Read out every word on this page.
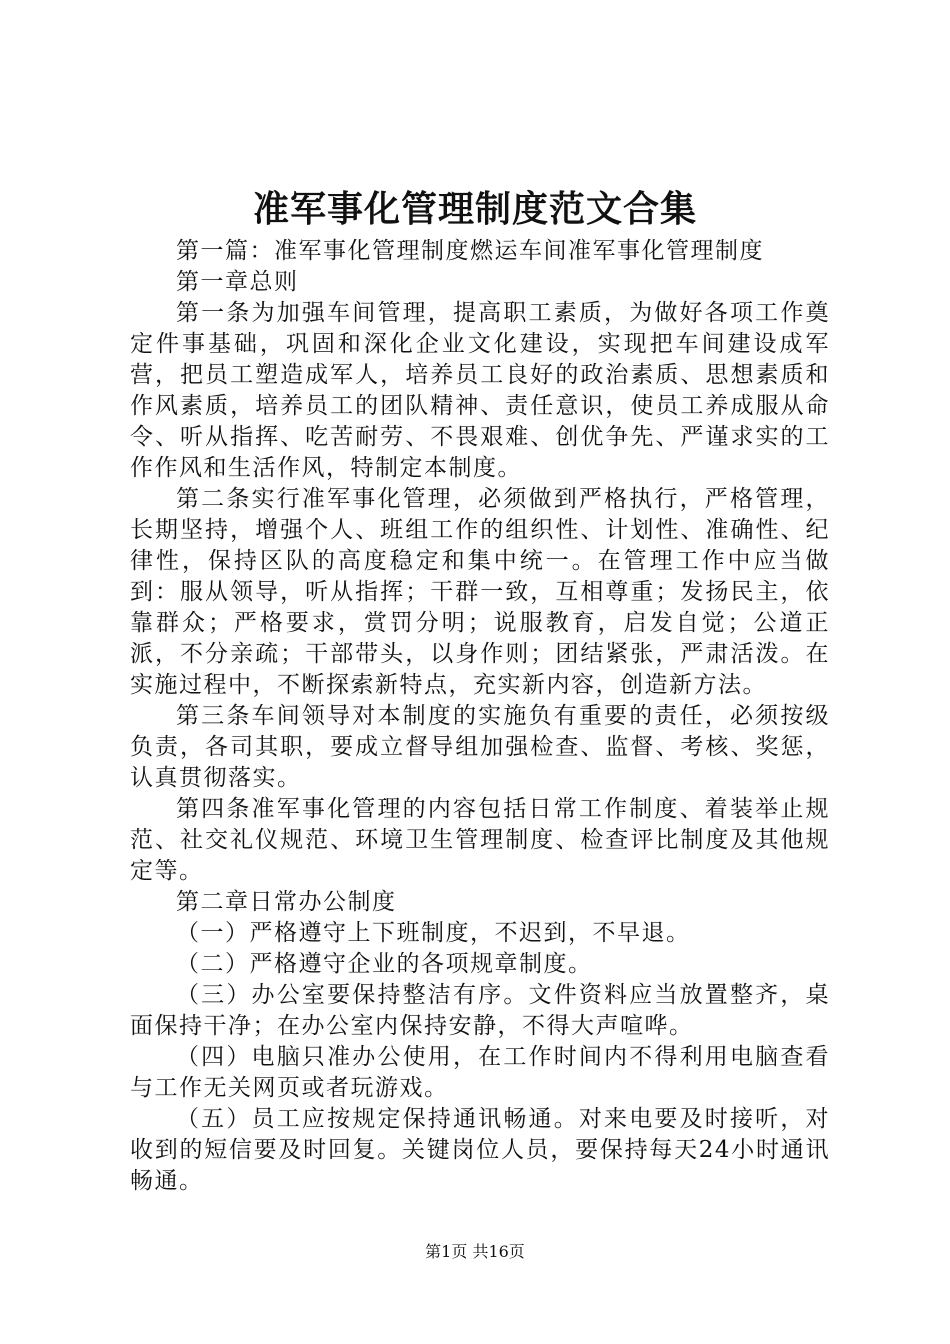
准军事化管理制度范文合集

第一篇：准军事化管理制度燃运车间准军事化管理制度

第一章总则

第一条为加强车间管理，提高职工素质，为做好各项工作奠定件事基础，巩固和深化企业文化建设，实现把车间建设成军营，把员工塑造成军人，培养员工良好的政治素质、思想素质和作风素质，培养员工的团队精神、责任意识，使员工养成服从命令、听从指挥、吃苦耐劳、不畏艰难、创优争先、严谨求实的工作作风和生活作风，特制定本制度。

第二条实行准军事化管理，必须做到严格执行，严格管理，长期坚持，增强个人、班组工作的组织性、计划性、准确性、纪律性，保持区队的高度稳定和集中统一。在管理工作中应当做到：服从领导，听从指挥；干群一致，互相尊重；发扬民主，依靠群众；严格要求，赏罚分明；说服教育，启发自觉；公道正派，不分亲疏；干部带头，以身作则；团结紧张，严肃活泼。在实施过程中，不断探索新特点，充实新内容，创造新方法。

第三条车间领导对本制度的实施负有重要的责任，必须按级负责，各司其职，要成立督导组加强检查、监督、考核、奖惩，认真贯彻落实。

第四条准军事化管理的内容包括日常工作制度、着装举止规范、社交礼仪规范、环境卫生管理制度、检查评比制度及其他规定等。

第二章日常办公制度

（一）严格遵守上下班制度，不迟到，不早退。

（二）严格遵守企业的各项规章制度。

（三）办公室要保持整洁有序。文件资料应当放置整齐，桌面保持干净；在办公室内保持安静，不得大声喧哗。

（四）电脑只准办公使用，在工作时间内不得利用电脑查看与工作无关网页或者玩游戏。

（五）员工应按规定保持通讯畅通。对来电要及时接听，对收到的短信要及时回复。关键岗位人员，要保持每天24小时通讯畅通。

第1页 共16页
